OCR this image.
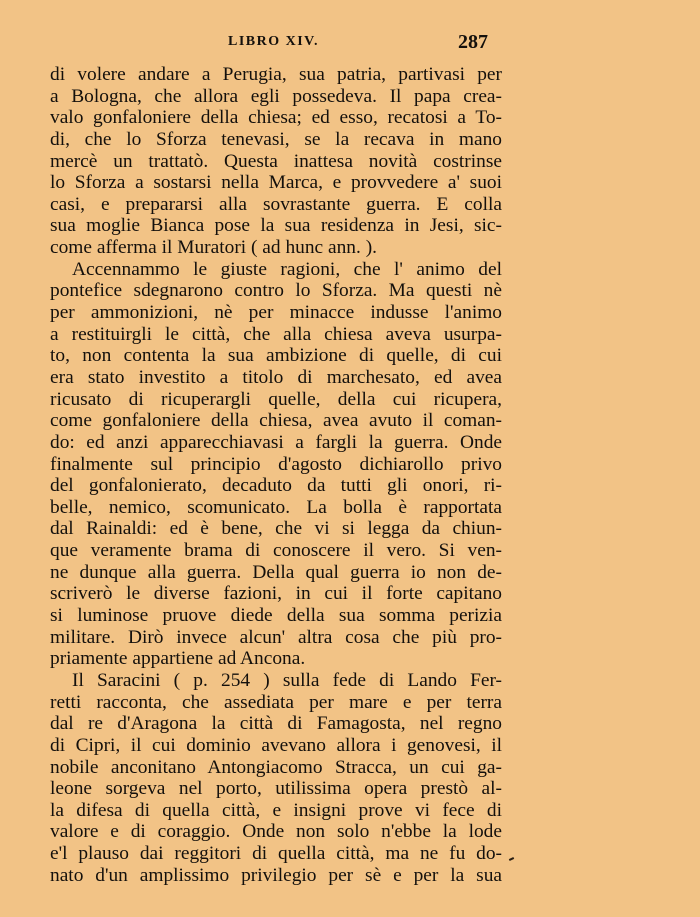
LIBRO XIV.	287
di volere andare a Perugia, sua patria, partivasi per
a Bologna, che allora egli possedeva. Il papa crea-
valo gonfaloniere della chiesa; ed esso, recatosi a To-
di, che lo Sforza tenevasi, se la recava in mano
mercè un trattatò. Questa inattesa novità costrinse
lo Sforza a sostarsi nella Marca, e provvedere a' suoi
casi, e prepararsi alla sovrastante guerra. E colla
sua moglie Bianca pose la sua residenza in Jesi, sic-
come afferma il Muratori ( ad hunc ann. ).
Accennammo le giuste ragioni, che l' animo del
pontefice sdegnarono contro lo Sforza. Ma questi nè
per ammonizioni, nè per minacce indusse l'animo
a restituirgli le città, che alla chiesa aveva usurpa-
to, non contenta la sua ambizione di quelle, di cui
era stato investito a titolo di marchesato, ed avea
ricusato di ricuperargli quelle, della cui ricupera,
come gonfaloniere della chiesa, avea avuto il coman-
do: ed anzi apparecchiavasi a fargli la guerra. Onde
finalmente sul principio d'agosto dichiarollo privo
del gonfalonierato, decaduto da tutti gli onori, ri-
belle, nemico, scomunicato. La bolla è rapportata
dal Rainaldi: ed è bene, che vi si legga da chiun-
que veramente brama di conoscere il vero. Si ven-
ne dunque alla guerra. Della qual guerra io non de-
scriverò le diverse fazioni, in cui il forte capitano
si luminose pruove diede della sua somma perizia
militare. Dirò invece alcun' altra cosa che più pro-
priamente appartiene ad Ancona.
Il Saracini ( p. 254 ) sulla fede di Lando Fer-
retti racconta, che assediata per mare e per terra
dal re d'Aragona la città di Famagosta, nel regno
di Cipri, il cui dominio avevano allora i genovesi, il
nobile anconitano Antongiacomo Stracca, un cui ga-
leone sorgeva nel porto, utilissima opera prestò al-
la difesa di quella città, e insigni prove vi fece di
valore e di coraggio. Onde non solo n'ebbe la lode
e'l plauso dai reggitori di quella città, ma ne fu do-
nato d'un amplissimo privilegio per sè e per la sua
